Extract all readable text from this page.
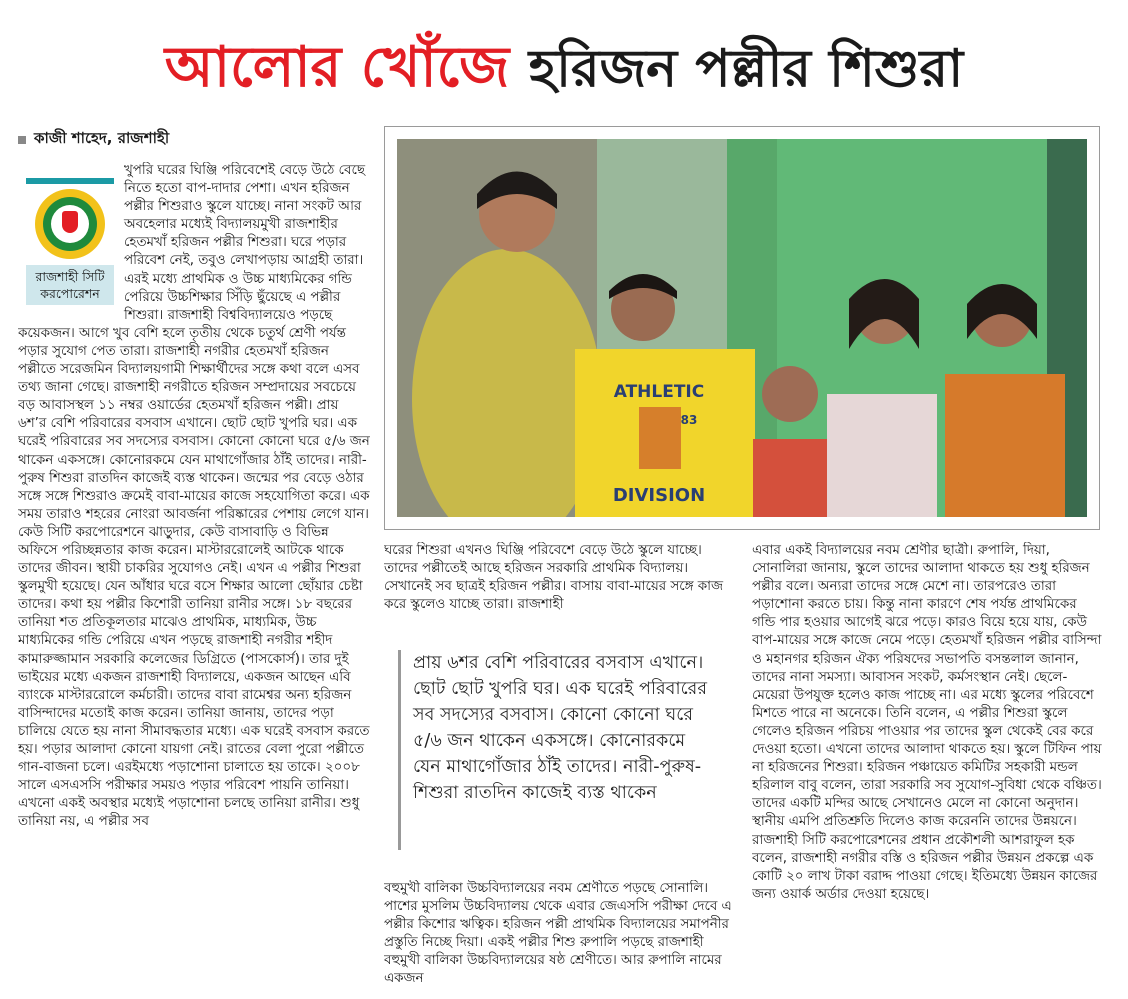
আলোর খোঁজে হরিজন পল্লীর শিশুরা
কাজী শাহেদ, রাজশাহী
রাজশাহী সিটি
করপোরেশন

খুপরি ঘরের ঘিঞ্জি পরিবেশেই বেড়ে উঠে বেছে নিতে হতো বাপ-দাদার পেশা। এখন হরিজন পল্লীর শিশুরাও স্কুলে যাচ্ছে। নানা সংকট আর অবহেলার মধ্যেই বিদ্যালয়মুখী রাজশাহীর হেতমখাঁ হরিজন পল্লীর শিশুরা। ঘরে পড়ার পরিবেশ নেই, তবুও লেখাপড়ায় আগ্রহী তারা। এরই মধ্যে প্রাথমিক ও উচ্চ মাধ্যমিকের গন্ডি পেরিয়ে উচ্চশিক্ষার সিঁড়ি ছুঁয়েছে এ পল্লীর শিশুরা। রাজশাহী বিশ্ববিদ্যালয়েও পড়ছে কয়েকজন। আগে খুব বেশি হলে তৃতীয় থেকে চতুর্থ শ্রেণী পর্যন্ত পড়ার সুযোগ পেত তারা। রাজশাহী নগরীর হেতমখাঁ হরিজন পল্লীতে সরেজমিন বিদ্যালয়গামী শিক্ষার্থীদের সঙ্গে কথা বলে এসব তথ্য জানা গেছে। রাজশাহী নগরীতে হরিজন সম্প্রদায়ের সবচেয়ে বড় আবাসস্থল ১১ নম্বর ওয়ার্ডের হেতমখাঁ হরিজন পল্লী। প্রায় ৬শ’র বেশি পরিবারের বসবাস এখানে। ছোট ছোট খুপরি ঘর। এক ঘরেই পরিবারের সব সদস্যের বসবাস। কোনো কোনো ঘরে ৫/৬ জন থাকেন একসঙ্গে। কোনোরকমে যেন মাথাগোঁজার ঠাঁই তাদের। নারী-পুরুষ শিশুরা রাতদিন কাজেই ব্যস্ত থাকেন। জন্মের পর বেড়ে ওঠার সঙ্গে সঙ্গে শিশুরাও ক্রমেই বাবা-মায়ের কাজে সহযোগিতা করে। এক সময় তারাও শহরের নোংরা আবর্জনা পরিষ্কারের পেশায় লেগে যান। কেউ সিটি করপোরেশনে ঝাড়ুদার, কেউ বাসাবাড়ি ও বিভিন্ন অফিসে পরিচ্ছন্নতার কাজ করেন। মাস্টাররোলেই আটকে থাকে তাদের জীবন। স্থায়ী চাকরির সুযোগও নেই। এখন এ পল্লীর শিশুরা স্কুলমুখী হয়েছে। যেন আঁধার ঘরে বসে শিক্ষার আলো ছোঁয়ার চেষ্টা তাদের। কথা হয় পল্লীর কিশোরী তানিয়া রানীর সঙ্গে। ১৮ বছরের তানিয়া শত প্রতিকূলতার মাঝেও প্রাথমিক, মাধ্যমিক, উচ্চ মাধ্যমিকের গন্ডি পেরিয়ে এখন পড়ছে রাজশাহী নগরীর শহীদ কামারুজ্জামান সরকারি কলেজের ডিগ্রিতে (পাসকোর্স)। তার দুই ভাইয়ের মধ্যে একজন রাজশাহী বিদ্যালয়ে, একজন আছেন এবি ব্যাংকে মাস্টাররোলে কর্মচারী। তাদের বাবা রামেশ্বর অন্য হরিজন বাসিন্দাদের মতোই কাজ করেন। তানিয়া জানায়, তাদের পড়া চালিয়ে যেতে হয় নানা সীমাবদ্ধতার মধ্যে। এক ঘরেই বসবাস করতে হয়। পড়ার আলাদা কোনো যায়গা নেই। রাতের বেলা পুরো পল্লীতে গান-বাজনা চলে। এরইমধ্যে পড়াশোনা চালাতে হয় তাকে। ২০০৮ সালে এসএসসি পরীক্ষার সময়ও পড়ার পরিবেশ পায়নি তানিয়া। এখনো একই অবস্থার মধ্যেই পড়াশোনা চলছে তানিয়া রানীর। শুধু তানিয়া নয়, এ পল্লীর সব

ATHLETIC
83
DIVISION

ঘরের শিশুরা এখনও ঘিঞ্জি পরিবেশে বেড়ে উঠে স্কুলে যাচ্ছে। তাদের পল্লীতেই আছে হরিজন সরকারি প্রাথমিক বিদ্যালয়। সেখানেই সব ছাত্রই হরিজন পল্লীর। বাসায় বাবা-মায়ের সঙ্গে কাজ করে স্কুলেও যাচ্ছে তারা। রাজশাহী

প্রায় ৬শর বেশি পরিবারের বসবাস এখানে। ছোট ছোট খুপরি ঘর। এক ঘরেই পরিবারের সব সদস্যের বসবাস। কোনো কোনো ঘরে ৫/৬ জন থাকেন একসঙ্গে। কোনোরকমে যেন মাথাগোঁজার ঠাঁই তাদের। নারী-পুরুষ-শিশুরা রাতদিন কাজেই ব্যস্ত থাকেন

বহুমুখী বালিকা উচ্চবিদ্যালয়ের নবম শ্রেণীতে পড়ছে সোনালি। পাশের মুসলিম উচ্চবিদ্যালয় থেকে এবার জেএসসি পরীক্ষা দেবে এ পল্লীর কিশোর ঋত্বিক। হরিজন পল্লী প্রাথমিক বিদ্যালয়ের সমাপনীর প্রস্তুতি নিচ্ছে দিয়া। একই পল্লীর শিশু রুপালি পড়ছে রাজশাহী বহুমুখী বালিকা উচ্চবিদ্যালয়ের ষষ্ঠ শ্রেণীতে। আর রুপালি নামের একজন

এবার একই বিদ্যালয়ের নবম শ্রেণীর ছাত্রী। রুপালি, দিয়া, সোনালিরা জানায়, স্কুলে তাদের আলাদা থাকতে হয় শুধু হরিজন পল্লীর বলে। অন্যরা তাদের সঙ্গে মেশে না। তারপরেও তারা পড়াশোনা করতে চায়। কিন্তু নানা কারণে শেষ পর্যন্ত প্রাথমিকের গন্ডি পার হওয়ার আগেই ঝরে পড়ে। কারও বিয়ে হয়ে যায়, কেউ বাপ-মায়ের সঙ্গে কাজে নেমে পড়ে। হেতমখাঁ হরিজন পল্লীর বাসিন্দা ও মহানগর হরিজন ঐক্য পরিষদের সভাপতি বসন্তলাল জানান, তাদের নানা সমস্যা। আবাসন সংকট, কর্মসংস্থান নেই। ছেলে-মেয়েরা উপযুক্ত হলেও কাজ পাচ্ছে না। এর মধ্যে স্কুলের পরিবেশে মিশতে পারে না অনেকে। তিনি বলেন, এ পল্লীর শিশুরা স্কুলে গেলেও হরিজন পরিচয় পাওয়ার পর তাদের স্কুল থেকেই বের করে দেওয়া হতো। এখনো তাদের আলাদা থাকতে হয়। স্কুলে টিফিন পায় না হরিজনের শিশুরা। হরিজন পঞ্চায়েত কমিটির সহকারী মন্ডল হরিলাল বাবু বলেন, তারা সরকারি সব সুযোগ-সুবিধা থেকে বঞ্চিত। তাদের একটি মন্দির আছে সেখানেও মেলে না কোনো অনুদান। স্থানীয় এমপি প্রতিশ্রুতি দিলেও কাজ করেননি তাদের উন্নয়নে। রাজশাহী সিটি করপোরেশনের প্রধান প্রকৌশলী আশরাফুল হক বলেন, রাজশাহী নগরীর বস্তি ও হরিজন পল্লীর উন্নয়ন প্রকল্পে এক কোটি ২০ লাখ টাকা বরাদ্দ পাওয়া গেছে। ইতিমধ্যে উন্নয়ন কাজের জন্য ওয়ার্ক অর্ডার দেওয়া হয়েছে।
